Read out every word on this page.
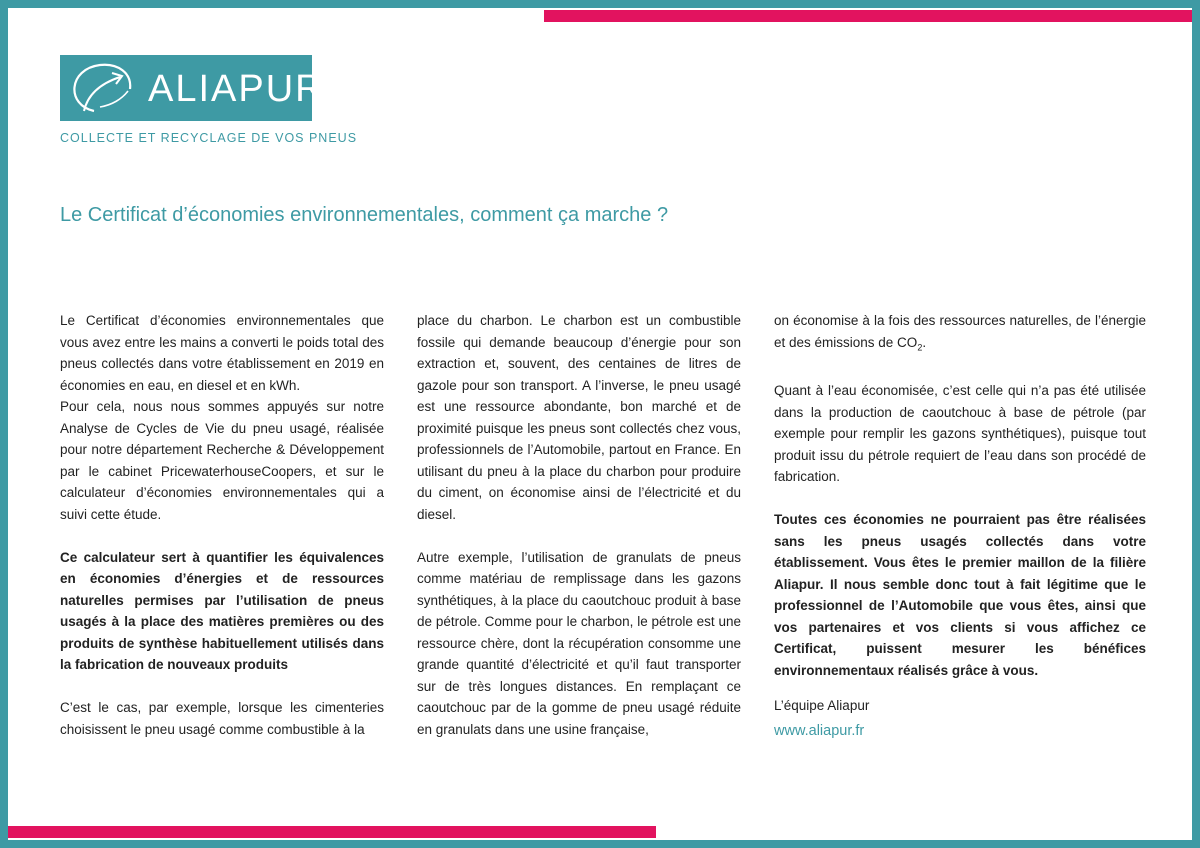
ALIAPUR
COLLECTE ET RECYCLAGE DE VOS PNEUS
Le Certificat d’économies environnementales, comment ça marche ?

Le Certificat d’économies environnementales que vous avez entre les mains a converti le poids total des pneus collectés dans votre établissement en 2019 en économies en eau, en diesel et en kWh.

Pour cela, nous nous sommes appuyés sur notre Analyse de Cycles de Vie du pneu usagé, réalisée pour notre département Recherche & Développement par le cabinet PricewaterhouseCoopers, et sur le calculateur d’économies environnementales qui a suivi cette étude.

Ce calculateur sert à quantifier les équivalences en économies d’énergies et de ressources naturelles permises par l’utilisation de pneus usagés à la place des matières premières ou des produits de synthèse habituellement utilisés dans la fabrication de nouveaux produits

C’est le cas, par exemple, lorsque les cimenteries choisissent le pneu usagé comme combustible à la

place du charbon. Le charbon est un combustible fossile qui demande beaucoup d’énergie pour son extraction et, souvent, des centaines de litres de gazole pour son transport. A l’inverse, le pneu usagé est une ressource abondante, bon marché et de proximité puisque les pneus sont collectés chez vous, professionnels de l’Automobile, partout en France. En utilisant du pneu à la place du charbon pour produire du ciment, on économise ainsi de l’électricité et du diesel.

Autre exemple, l’utilisation de granulats de pneus comme matériau de remplissage dans les gazons synthétiques, à la place du caoutchouc produit à base de pétrole. Comme pour le charbon, le pétrole est une ressource chère, dont la récupération consomme une grande quantité d’électricité et qu’il faut transporter sur de très longues distances. En remplaçant ce caoutchouc par de la gomme de pneu usagé réduite en granulats dans une usine française,

on économise à la fois des ressources naturelles, de l’énergie et des émissions de $CO_2$.

Quant à l’eau économisée, c’est celle qui n’a pas été utilisée dans la production de caoutchouc à base de pétrole (par exemple pour remplir les gazons synthétiques), puisque tout produit issu du pétrole requiert de l’eau dans son procédé de fabrication.

Toutes ces économies ne pourraient pas être réalisées sans les pneus usagés collectés dans votre établissement. Vous êtes le premier maillon de la filière Aliapur. Il nous semble donc tout à fait légitime que le professionnel de l’Automobile que vous êtes, ainsi que vos partenaires et vos clients si vous affichez ce Certificat, puissent mesurer les bénéfices environnementaux réalisés grâce à vous.

L’équipe Aliapur

www.aliapur.fr
